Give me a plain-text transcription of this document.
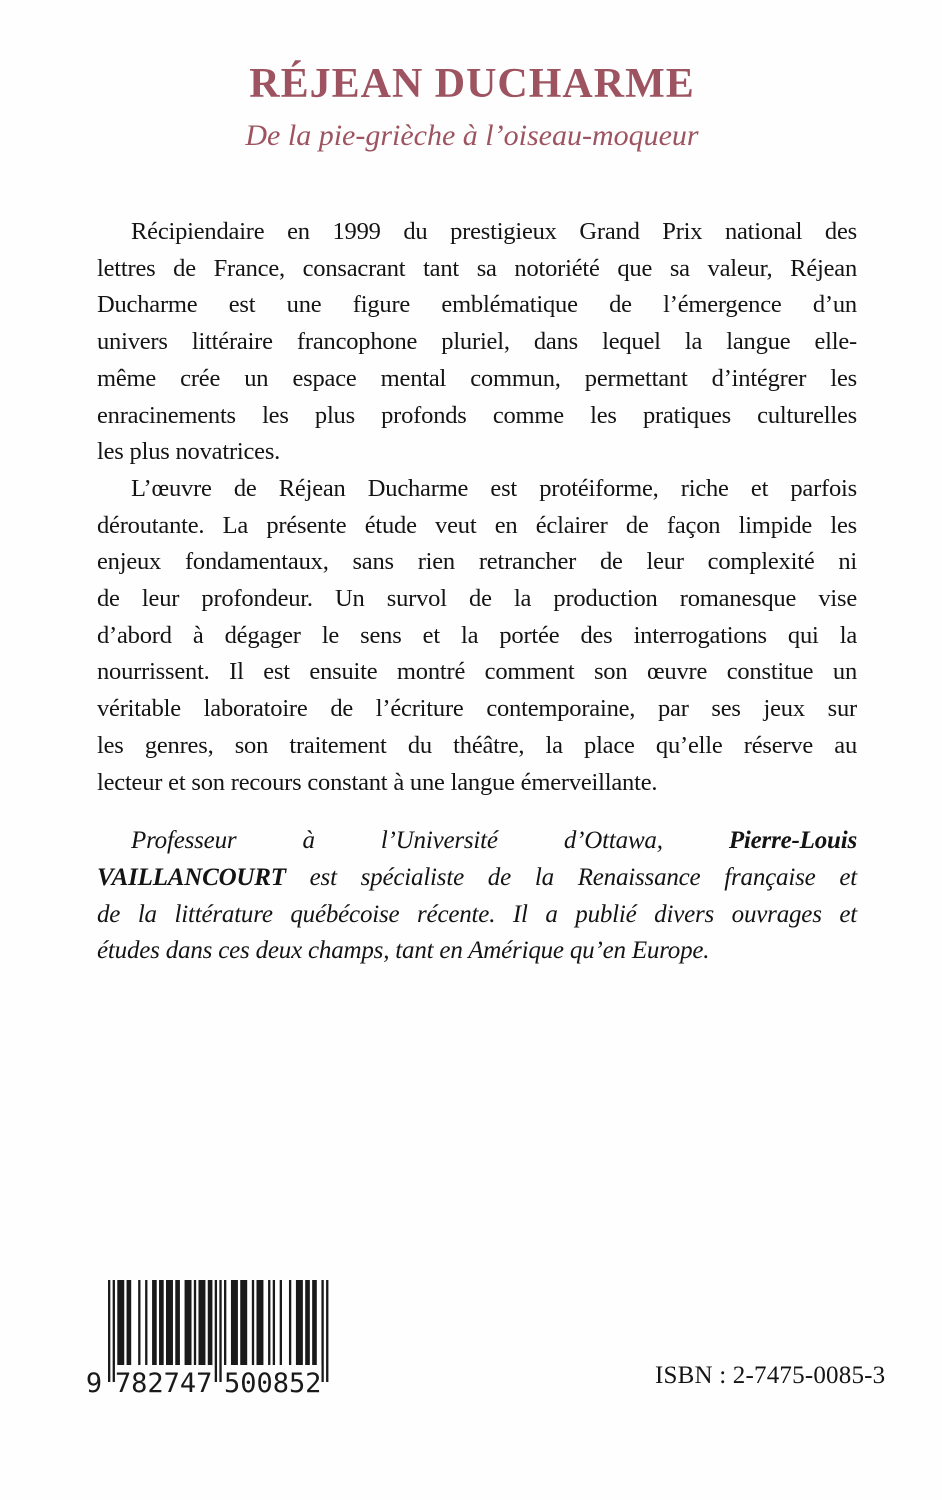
RÉJEAN DUCHARME
De la pie-grièche à l’oiseau-moqueur
Récipiendaire en 1999 du prestigieux Grand Prix national des
lettres de France, consacrant tant sa notoriété que sa valeur, Réjean
Ducharme est une figure emblématique de l’émergence d’un
univers littéraire francophone pluriel, dans lequel la langue elle-
même crée un espace mental commun, permettant d’intégrer les
enracinements les plus profonds comme les pratiques culturelles
les plus novatrices.
L’œuvre de Réjean Ducharme est protéiforme, riche et parfois
déroutante. La présente étude veut en éclairer de façon limpide les
enjeux fondamentaux, sans rien retrancher de leur complexité ni
de leur profondeur. Un survol de la production romanesque vise
d’abord à dégager le sens et la portée des interrogations qui la
nourrissent. Il est ensuite montré comment son œuvre constitue un
véritable laboratoire de l’écriture contemporaine, par ses jeux sur
les genres, son traitement du théâtre, la place qu’elle réserve au
lecteur et son recours constant à une langue émerveillante.
Professeur à l’Université d’Ottawa, Pierre-Louis
VAILLANCOURT est spécialiste de la Renaissance française et
de la littérature québécoise récente. Il a publié divers ouvrages et
études dans ces deux champs, tant en Amérique qu’en Europe.
9 7	5
8	0
2	0
7	8
4	5
7	2	ISBN : 2-7475-0085-3
